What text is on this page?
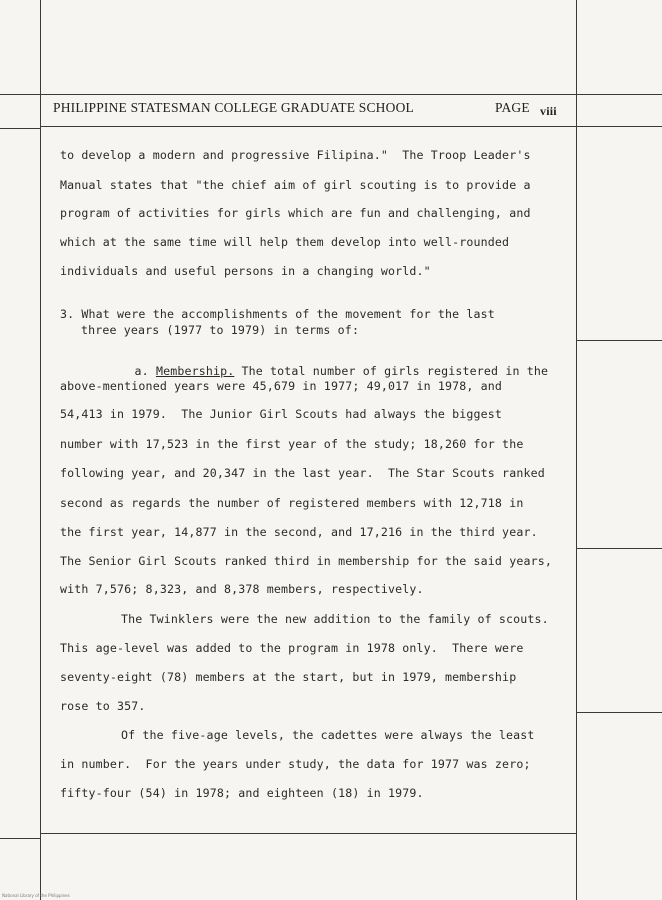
PHILIPPINE STATESMAN COLLEGE GRADUATE SCHOOL	PAGE viii
to develop a modern and progressive Filipina."  The Troop Leader's
Manual states that "the chief aim of girl scouting is to provide a
program of activities for girls which are fun and challenging, and
which at the same time will help them develop into well-rounded
individuals and useful persons in a changing world."
3. What were the accomplishments of the movement for the last
three years (1977 to 1979) in terms of:

a. Membership. The total number of girls registered in the

above-mentioned years were 45,679 in 1977; 49,017 in 1978, and
54,413 in 1979.  The Junior Girl Scouts had always the biggest
number with 17,523 in the first year of the study; 18,260 for the
following year, and 20,347 in the last year.  The Star Scouts ranked
second as regards the number of registered members with 12,718 in
the first year, 14,877 in the second, and 17,216 in the third year.
The Senior Girl Scouts ranked third in membership for the said years,
with 7,576; 8,323, and 8,378 members, respectively.
The Twinklers were the new addition to the family of scouts.
This age-level was added to the program in 1978 only.  There were
seventy-eight (78) members at the start, but in 1979, membership
rose to 357.
Of the five-age levels, the cadettes were always the least
in number.  For the years under study, the data for 1977 was zero;
fifty-four (54) in 1978; and eighteen (18) in 1979.
National Library of the Philippines
